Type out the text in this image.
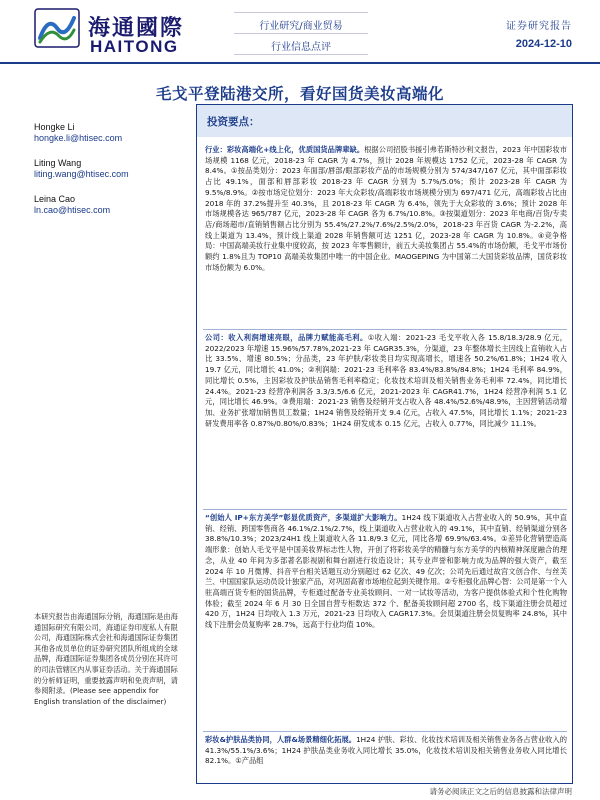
海通國際
HAITONG
行业研究/商业贸易
行业信息点评
证券研究报告
2024-12-10
毛戈平登陆港交所，看好国货美妆高端化
Hongke Li
hongke.li@htisec.com
Liting Wang
liting.wang@htisec.com
Leina Cao
ln.cao@htisec.com
本研究报告由海通国际分销，海通国际是由海通国际研究有限公司，海通证券印度私人有限公司，海通国际株式会社和海通国际证券集团其他各成员单位的证券研究团队所组成的全球品牌，海通国际证券集团各成员分别在其许可的司法管辖区内从事证券活动。关于海通国际的分析师证明，重要披露声明和免责声明，请参阅附录。(Please see appendix for English translation of the disclaimer)
投资要点：
行业：彩妆高端化+线上化，优质国货品牌辈缺。根据公司招股书援引弗若斯特沙利文报告，2023 年中国彩妆市场规模 1168 亿元，2018-23 年 CAGR 为 4.7%，预计 2028 年规模达 1752 亿元，2023-28 年 CAGR 为 8.4%。①按品类划分：2023 年面部/唇部/眼部彩妆产品的市场规模分别为 574/347/167 亿元，其中面部彩妆占比 49.1%，面部和唇部彩妆 2018-23 年 CAGR 分别为 5.7%/5.0%；预计 2023-28 年 CAGR 为 9.5%/8.9%。②按市场定位划分：2023 年大众彩妆/高端彩妆市场规模分别为 697/471 亿元，高端彩妆占比由 2018 年的 37.2%提升至 40.3%，且 2018-23 年 CAGR 为 6.4%，领先于大众彩妆的 3.6%；预计 2028 年市场规模各达 965/787 亿元，2023-28 年 CAGR 各为 6.7%/10.8%。③按渠道划分：2023 年电商/百货/专卖店/商场超市/直销销售额占比分别为 55.4%/27.2%/7.6%/2.5%/2.0%，2018-23 年百货 CAGR 为-2.2%，高线上渠道为 13.4%，预计线上渠道 2028 年销售额可达 1251 亿，2023-28 年 CAGR 为 10.8%。④竞争格局：中国高端美妆行业集中度较高，按 2023 年零售额计，前五大美妆集团占 55.4%的市场份额，毛戈平市场份额约 1.8%且为 TOP10 高端美妆集团中唯一的中国企业。MAOGEPING 为中国第二大国货彩妆品牌，国货彩妆市场份额为 6.0%。
公司：收入利润增速亮眼，品牌力赋能高毛利。①收入端：2021-23 毛戈平收入各 15.8/18.3/28.9 亿元，2022/2023 年增速 15.96%/57.78%,2021-23 年 CAGR35.3%，分渠道，23 年整体增长主因线上直销收入占比 33.5%、增速 80.5%；分品类，23 年护肤/彩妆类目均实现高增长，增速各 50.2%/61.8%；1H24 收入 19.7 亿元，同比增长 41.0%；②利润端：2021-23 毛利率各 83.4%/83.8%/84.8%；1H24 毛利率 84.9%，同比增长 0.5%，主因彩妆及护肤品销售毛利率稳定；化妆技术培训及相关销售业务毛利率 72.4%，同比增长 24.4%。2021-23 经营净利润各 3.3/3.5/6.6 亿元，2021-2023 年 CAGR41.7%，1H24 经营净利润 5.1 亿元，同比增长 46.9%。③费用端：2021-23 销售及经销开支占收入各 48.4%/52.6%/48.9%，主因营销活动增加、业务扩张增加销售员工数量；1H24 销售及经销开支 9.4 亿元，占收入 47.5%，同比增长 1.1%；2021-23 研发费用率各 0.87%/0.80%/0.83%；1H24 研发成本 0.15 亿元，占收入 0.77%，同比减少 11.1%。
“创始人 IP+东方美学”彰显优质资产，多渠道扩大影响力。1H24 线下渠道收入占营业收入的 50.9%，其中直销、经销、跨国零售商各 46.1%/2.1%/2.7%，线上渠道收入占营业收入的 49.1%，其中直销、经销渠道分别各 38.8%/10.3%；2023/24H1 线上渠道收入各 11.8/9.3 亿元，同比各增 69.9%/63.4%。①差异化营销塑造高端形象：创始人毛戈平是中国美妆界标志性人物，开创了将彩妆美学的精髓与东方美学的内核精神深度融合的理念，从业 40 年间为多部著名影视剧和舞台剧进行妆造设计；其专业声誉和影响力成为品牌的强大资产，截至 2024 年 10 月微博、抖音平台相关话题互动分别超过 62 亿次、49 亿次；公司先后通过故宫文创合作、与丝芙兰、中国国家队运动员设计独家产品，对巩固高奢市场地位起到关键作用。②专柜强化品牌心智：公司是第一个入驻高端百货专柜的国货品牌，专柜通过配备专业美妆顾问、一对一试妆等活动，为客户提供体验式和个性化购物体验；截至 2024 年 6 月 30 日全国自营专柜数达 372 个、配备美妆顾问超 2700 名，线下渠道注册会员超过 420 万，1H24 日均收入 1.3 万元，2021-23 日均收入 CAGR17.3%。会员渠道注册会员复购率 24.8%，其中线下注册会员复购率 28.7%，远高于行业均值 10%。
彩妆&护肤品类协同，人群&场景精细化拓展。1H24 护肤、彩妆、化妆技术培训及相关销售业务各占营业收入的 41.3%/55.1%/3.6%；1H24 护肤品类业务收入同比增长 35.0%，化妆技术培训及相关销售业务收入同比增长 82.1%。①产品组
请务必阅读正文之后的信息披露和法律声明
